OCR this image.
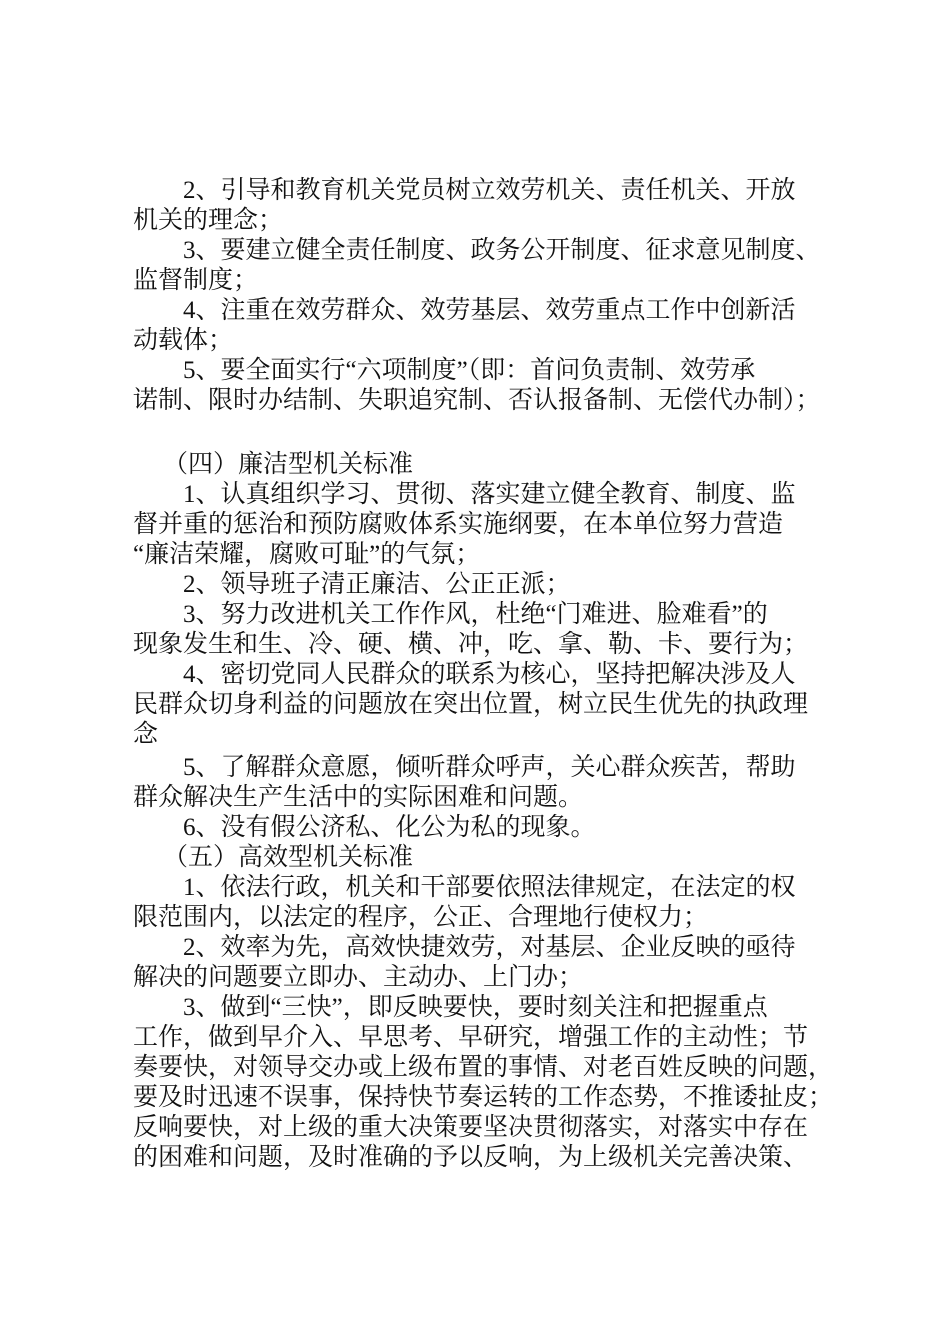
2、引导和教育机关党员树立效劳机关、责任机关、开放
机关的理念；
3、要建立健全责任制度、政务公开制度、征求意见制度、
监督制度；
4、注重在效劳群众、效劳基层、效劳重点工作中创新活
动载体；
5、要全面实行“六项制度”（即：首问负责制、效劳承
诺制、限时办结制、失职追究制、否认报备制、无偿代办制）；
（四）廉洁型机关标准
1、认真组织学习、贯彻、落实建立健全教育、制度、监
督并重的惩治和预防腐败体系实施纲要，在本单位努力营造
“廉洁荣耀，腐败可耻”的气氛；
2、领导班子清正廉洁、公正正派；
3、努力改进机关工作作风，杜绝“门难进、脸难看”的
现象发生和生、冷、硬、横、冲，吃、拿、勒、卡、要行为；
4、密切党同人民群众的联系为核心，坚持把解决涉及人
民群众切身利益的问题放在突出位置，树立民生优先的执政理
念
5、了解群众意愿，倾听群众呼声，关心群众疾苦，帮助
群众解决生产生活中的实际困难和问题。
6、没有假公济私、化公为私的现象。
（五）高效型机关标准
1、依法行政，机关和干部要依照法律规定，在法定的权
限范围内，以法定的程序，公正、合理地行使权力；
2、效率为先，高效快捷效劳，对基层、企业反映的亟待
解决的问题要立即办、主动办、上门办；
3、做到“三快”，即反映要快，要时刻关注和把握重点
工作，做到早介入、早思考、早研究，增强工作的主动性；节
奏要快，对领导交办或上级布置的事情、对老百姓反映的问题，
要及时迅速不误事，保持快节奏运转的工作态势，不推诿扯皮；
反响要快，对上级的重大决策要坚决贯彻落实，对落实中存在
的困难和问题，及时准确的予以反响，为上级机关完善决策、
